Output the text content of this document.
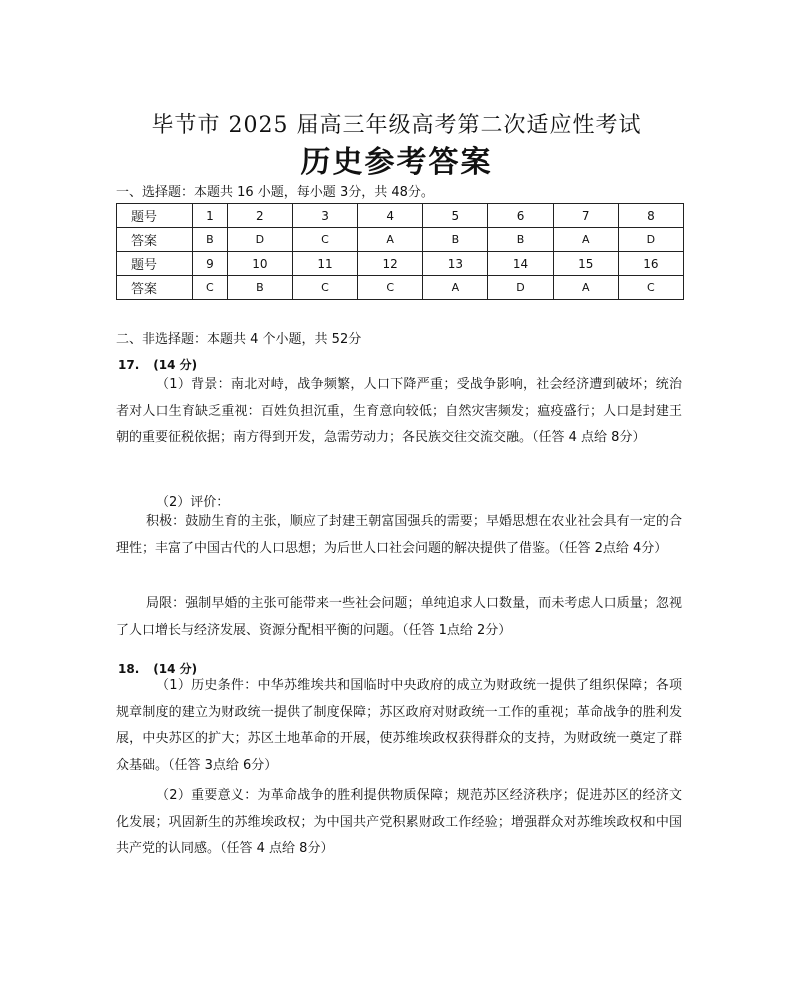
毕节市 2025 届高三年级高考第二次适应性考试
历史参考答案
一、选择题：本题共 16 小题，每小题 3分，共 48分。
题号	1	2	3	4	5	6	7	8
答案	B	D	C	A	B	B	A	D
题号	9	10	11	12	13	14	15	16
答案	C	B	C	C	A	D	A	C
二、非选择题：本题共 4 个小题，共 52分
17. (14 分)
（1）背景：南北对峙，战争频繁，人口下降严重；受战争影响，社会经济遭到破坏；统治者对人口生育缺乏重视：百姓负担沉重，生育意向较低；自然灾害频发；瘟疫盛行；人口是封建王朝的重要征税依据；南方得到开发，急需劳动力；各民族交往交流交融。（任答 4 点给 8分）
（2）评价：
积极：鼓励生育的主张，顺应了封建王朝富国强兵的需要；早婚思想在农业社会具有一定的合理性；丰富了中国古代的人口思想；为后世人口社会问题的解决提供了借鉴。（任答 2点给 4分）
局限：强制早婚的主张可能带来一些社会问题；单纯追求人口数量，而未考虑人口质量；忽视了人口增长与经济发展、资源分配相平衡的问题。（任答 1点给 2分）
18. (14 分)
（1）历史条件：中华苏维埃共和国临时中央政府的成立为财政统一提供了组织保障；各项规章制度的建立为财政统一提供了制度保障；苏区政府对财政统一工作的重视；革命战争的胜利发展，中央苏区的扩大；苏区土地革命的开展，使苏维埃政权获得群众的支持，为财政统一奠定了群众基础。（任答 3点给 6分）
（2）重要意义：为革命战争的胜利提供物质保障；规范苏区经济秩序；促进苏区的经济文化发展；巩固新生的苏维埃政权；为中国共产党积累财政工作经验；增强群众对苏维埃政权和中国共产党的认同感。（任答 4 点给 8分）
